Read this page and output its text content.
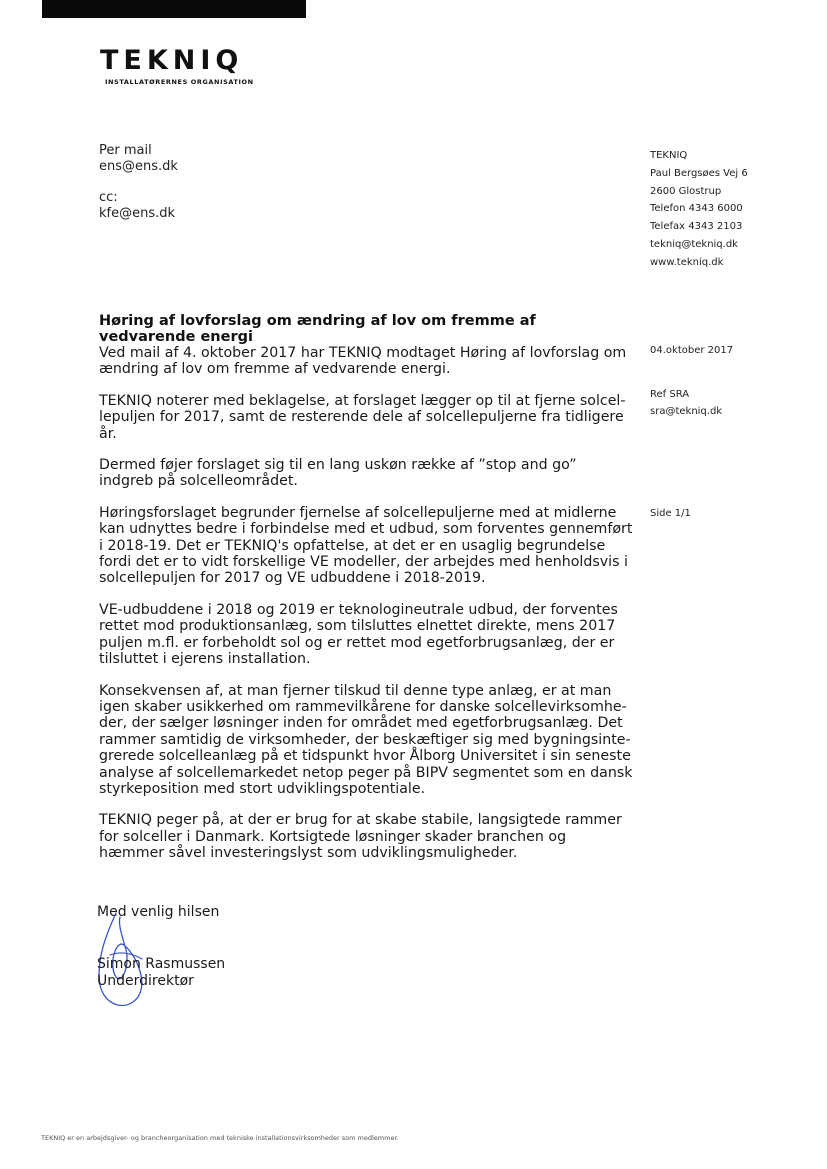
TEKNIQ
INSTALLATØRERNES ORGANISATION
Per mail
ens@ens.dk
cc:
kfe@ens.dk
TEKNIQ
Paul Bergsøes Vej 6
2600 Glostrup
Telefon 4343 6000
Telefax 4343 2103
tekniq@tekniq.dk
www.tekniq.dk
04.oktober 2017
Ref SRA
sra@tekniq.dk
Side 1/1
Høring af lovforslag om ændring af lov om fremme af vedvarende energi

Ved mail af 4. oktober 2017 har TEKNIQ modtaget Høring af lovforslag om ændring af lov om fremme af vedvarende energi.

TEKNIQ noterer med beklagelse, at forslaget lægger op til at fjerne solcel-lepuljen for 2017, samt de resterende dele af solcellepuljerne fra tidligere år.

Dermed føjer forslaget sig til en lang uskøn række af ”stop and go” indgreb på solcelleområdet.

Høringsforslaget begrunder fjernelse af solcellepuljerne med at midlerne kan udnyttes bedre i forbindelse med et udbud, som forventes gennemført i 2018-19. Det er TEKNIQ's opfattelse, at det er en usaglig begrundelse fordi det er to vidt forskellige VE modeller, der arbejdes med henholdsvis i solcellepuljen for 2017 og VE udbuddene i 2018-2019.

VE-udbuddene i 2018 og 2019 er teknologineutrale udbud, der forventes rettet mod produktionsanlæg, som tilsluttes elnettet direkte, mens 2017 puljen m.fl. er forbeholdt sol og er rettet mod egetforbrugsanlæg, der er tilsluttet i ejerens installation.

Konsekvensen af, at man fjerner tilskud til denne type anlæg, er at man igen skaber usikkerhed om rammevilkårene for danske solcellevirksomhe-der, der sælger løsninger inden for området med egetforbrugsanlæg. Det rammer samtidig de virksomheder, der beskæftiger sig med bygningsinte-grerede solcelleanlæg på et tidspunkt hvor Ålborg Universitet i sin seneste analyse af solcellemarkedet netop peger på BIPV segmentet som en dansk styrkeposition med stort udviklingspotentiale.

TEKNIQ peger på, at der er brug for at skabe stabile, langsigtede rammer for solceller i Danmark. Kortsigtede løsninger skader branchen og hæmmer såvel investeringslyst som udviklingsmuligheder.

Med venlig hilsen
Simon Rasmussen
Underdirektør
TEKNIQ er en arbejdsgiver- og brancheorganisation med tekniske installationsvirksomheder som medlemmer.
